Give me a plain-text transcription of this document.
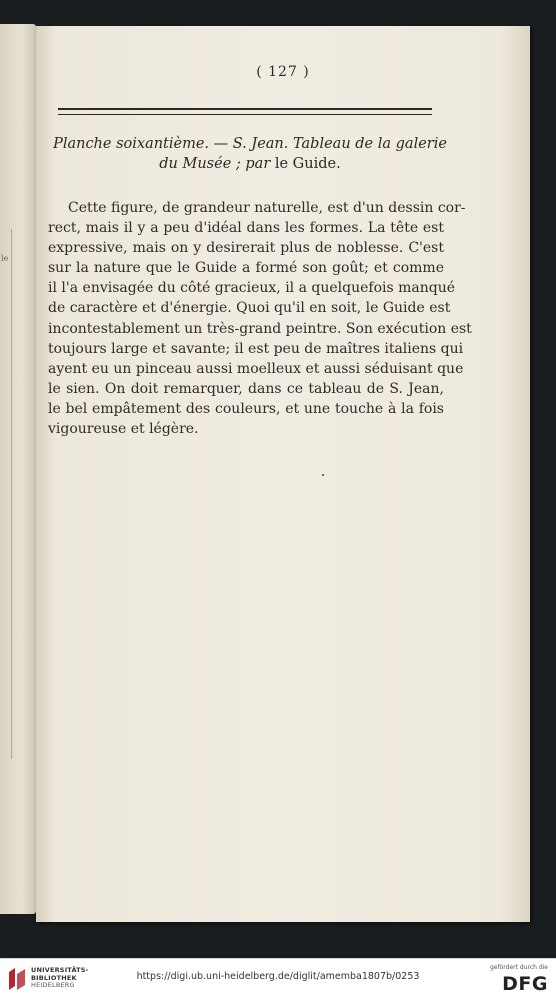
le
( 127 )
Planche soixantième. — S. Jean. Tableau de la galerie
du Musée ; par le Guide.
Cette figure, de grandeur naturelle, est d'un dessin cor-
rect, mais il y a peu d'idéal dans les formes. La tête est
expressive, mais on y desirerait plus de noblesse. C'est
sur la nature que le Guide a formé son goût; et comme
il l'a envisagée du côté gracieux, il a quelquefois manqué
de caractère et d'énergie. Quoi qu'il en soit, le Guide est
incontestablement un très-grand peintre. Son exécution est
toujours large et savante; il est peu de maîtres italiens qui
ayent eu un pinceau aussi moelleux et aussi séduisant que
le sien. On doit remarquer, dans ce tableau de S. Jean,
le bel empâtement des couleurs, et une touche à la fois
vigoureuse et légère.
UNIVERSITÄTS-
BIBLIOTHEK
HEIDELBERG
https://digi.ub.uni-heidelberg.de/diglit/amemba1807b/0253
gefördert durch die
DFG
